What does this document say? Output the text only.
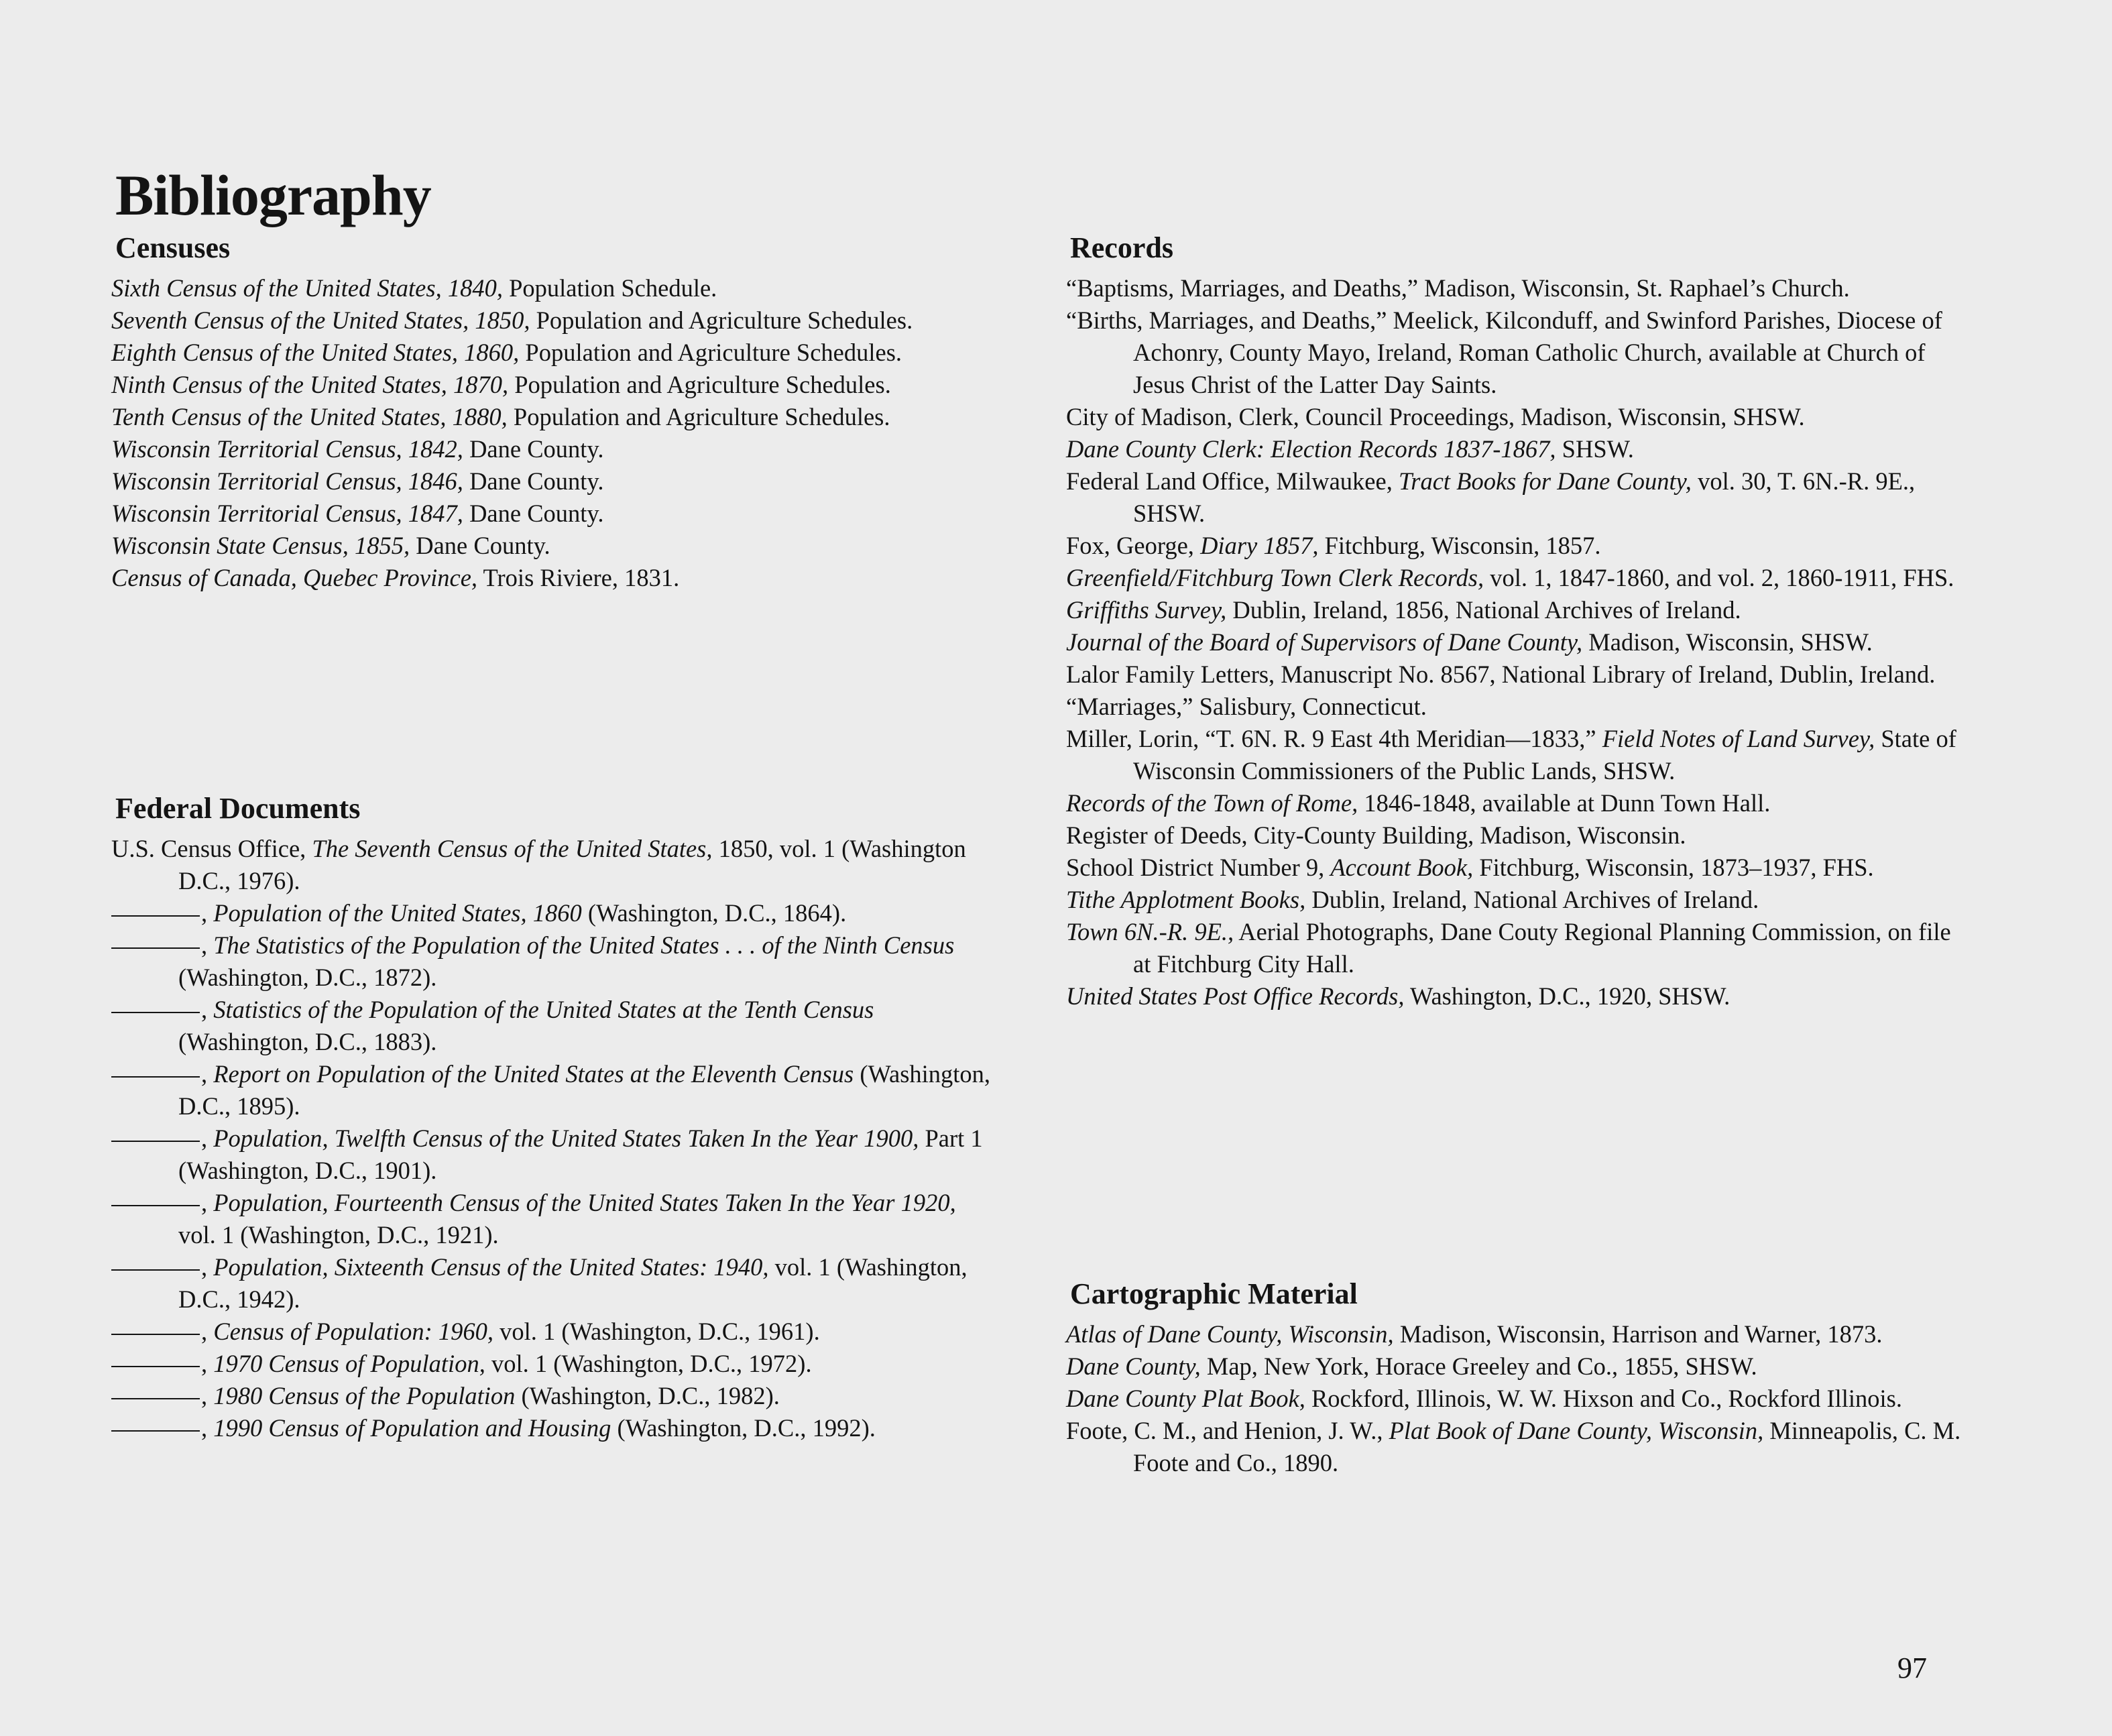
Bibliography
Censuses
Sixth Census of the United States, 1840, Population Schedule.
Seventh Census of the United States, 1850, Population and Agriculture Schedules.
Eighth Census of the United States, 1860, Population and Agriculture Schedules.
Ninth Census of the United States, 1870, Population and Agriculture Schedules.
Tenth Census of the United States, 1880, Population and Agriculture Schedules.
Wisconsin Territorial Census, 1842, Dane County.
Wisconsin Territorial Census, 1846, Dane County.
Wisconsin Territorial Census, 1847, Dane County.
Wisconsin State Census, 1855, Dane County.
Census of Canada, Quebec Province, Trois Riviere, 1831.
Federal Documents
U.S. Census Office, The Seventh Census of the United States, 1850, vol. 1 (Washington D.C., 1976).
, Population of the United States, 1860 (Washington, D.C., 1864).
, The Statistics of the Population of the United States . . . of the Ninth Census (Washington, D.C., 1872).
, Statistics of the Population of the United States at the Tenth Census (Washington, D.C., 1883).
, Report on Population of the United States at the Eleventh Census (Washington, D.C., 1895).
, Population, Twelfth Census of the United States Taken In the Year 1900, Part 1 (Washington, D.C., 1901).
, Population, Fourteenth Census of the United States Taken In the Year 1920, vol. 1 (Washington, D.C., 1921).
, Population, Sixteenth Census of the United States: 1940, vol. 1 (Washington, D.C., 1942).
, Census of Population: 1960, vol. 1 (Washington, D.C., 1961).
, 1970 Census of Population, vol. 1 (Washington, D.C., 1972).
, 1980 Census of the Population (Washington, D.C., 1982).
, 1990 Census of Population and Housing (Washington, D.C., 1992).
Records
“Baptisms, Marriages, and Deaths,” Madison, Wisconsin, St. Raphael’s Church.
“Births, Marriages, and Deaths,” Meelick, Kilconduff, and Swinford Parishes, Diocese of Achonry, County Mayo, Ireland, Roman Catholic Church, available at Church of Jesus Christ of the Latter Day Saints.
City of Madison, Clerk, Council Proceedings, Madison, Wisconsin, SHSW.
Dane County Clerk: Election Records 1837-1867, SHSW.
Federal Land Office, Milwaukee, Tract Books for Dane County, vol. 30, T. 6N.-R. 9E., SHSW.
Fox, George, Diary 1857, Fitchburg, Wisconsin, 1857.
Greenfield/Fitchburg Town Clerk Records, vol. 1, 1847-1860, and vol. 2, 1860-1911, FHS.
Griffiths Survey, Dublin, Ireland, 1856, National Archives of Ireland.
Journal of the Board of Supervisors of Dane County, Madison, Wisconsin, SHSW.
Lalor Family Letters, Manuscript No. 8567, National Library of Ireland, Dublin, Ireland.
“Marriages,” Salisbury, Connecticut.
Miller, Lorin, “T. 6N. R. 9 East 4th Meridian—1833,” Field Notes of Land Survey, State of Wisconsin Commissioners of the Public Lands, SHSW.
Records of the Town of Rome, 1846-1848, available at Dunn Town Hall.
Register of Deeds, City-County Building, Madison, Wisconsin.
School District Number 9, Account Book, Fitchburg, Wisconsin, 1873–1937, FHS.
Tithe Applotment Books, Dublin, Ireland, National Archives of Ireland.
Town 6N.-R. 9E., Aerial Photographs, Dane Couty Regional Planning Commission, on file at Fitchburg City Hall.
United States Post Office Records, Washington, D.C., 1920, SHSW.
Cartographic Material
Atlas of Dane County, Wisconsin, Madison, Wisconsin, Harrison and Warner, 1873.
Dane County, Map, New York, Horace Greeley and Co., 1855, SHSW.
Dane County Plat Book, Rockford, Illinois, W. W. Hixson and Co., Rockford Illinois.
Foote, C. M., and Henion, J. W., Plat Book of Dane County, Wisconsin, Minneapolis, C. M. Foote and Co., 1890.
97
